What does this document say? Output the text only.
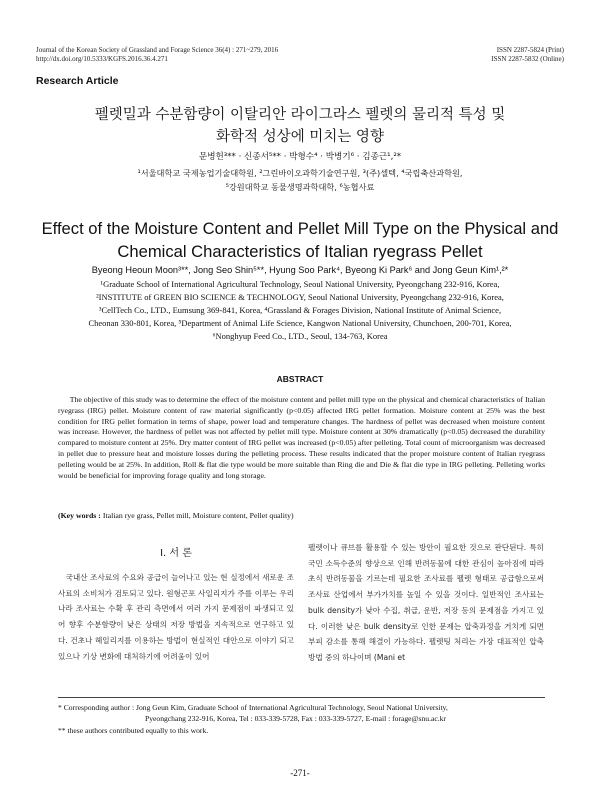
Journal of the Korean Society of Grassland and Forage Science 36(4) : 271~279, 2016
http://dx.doi.org/10.5333/KGFS.2016.36.4.271
ISSN 2287-5824 (Print)
ISSN 2287-5832 (Online)
Research Article
펠렛밀과 수분함량이 이탈리안 라이그라스 펠렛의 물리적 특성 및
화학적 성상에 미치는 영향
문병헌³** · 신종서⁵** · 박형수⁴ · 박병기⁶ · 김종근¹,²*
¹서울대학교 국제농업기술대학원, ²그린바이오과학기술연구원, ³(주)셀텍, ⁴국립축산과학원,
⁵강원대학교 동물생명과학대학, ⁶농협사료
Effect of the Moisture Content and Pellet Mill Type on the Physical and
Chemical Characteristics of Italian ryegrass Pellet
Byeong Heoun Moon³**, Jong Seo Shin⁵**, Hyung Soo Park⁴, Byeong Ki Park⁶ and Jong Geun Kim¹,²*
¹Graduate School of International Agricultural Technology, Seoul National University, Pyeongchang 232-916, Korea,
²INSTITUTE of GREEN BIO SCIENCE & TECHNOLOGY, Seoul National University, Pyeongchang 232-916, Korea,
³CellTech Co., LTD., Eumsung 369-841, Korea, ⁴Grassland & Forages Division, National Institute of Animal Science,
Cheonan 330-801, Korea, ⁵Department of Animal Life Science, Kangwon National University, Chunchoen, 200-701, Korea,
⁶Nonghyup Feed Co., LTD., Seoul, 134-763, Korea
ABSTRACT
The objective of this study was to determine the effect of the moisture content and pellet mill type on the physical and chemical characteristics of Italian ryegrass (IRG) pellet. Moisture content of raw material significantly (p<0.05) affected IRG pellet formation. Moisture content at 25% was the best condition for IRG pellet formation in terms of shape, power load and temperature changes. The hardness of pellet was decreased when moisture content was increase. However, the hardness of pellet was not affected by pellet mill type. Moisture content at 30% dramatically (p<0.05) decreased the durability compared to moisture content at 25%. Dry matter content of IRG pellet was increased (p<0.05) after pelleting. Total count of microorganism was decreased in pellet due to pressure heat and moisture losses during the pelleting process. These results indicated that the proper moisture content of Italian ryegrass pelleting would be at 25%. In addition, Roll & flat die type would be more suitable than Ring die and Die & flat die type in IRG pelleting. Pelleting works would be beneficial for improving forage quality and long storage.
(Key words : Italian rye grass, Pellet mill, Moisture content, Pellet quality)
Ⅰ. 서 론
국내산 조사료의 수요와 공급이 늘어나고 있는 현 실정에서 새로운 조사료의 소비처가 검토되고 있다. 원형곤포 사일리지가 주를 이루는 우리나라 조사료는 수확 후 관리 측면에서 여러 가지 문제점이 파생되고 있어 향후 수분함량이 낮은 상태의 저장 방법을 지속적으로 연구하고 있다. 건초나 헤일리지를 이용하는 방법이 현실적인 대안으로 이야기 되고 있으나 기상 변화에 대처하기에 어려움이 있어
펠렛이나 큐브를 활용할 수 있는 방안이 필요한 것으로 판단된다. 특히 국민 소득수준의 향상으로 인해 반려동물에 대한 관심이 높아짐에 따라 초식 반려동물을 기르는데 필요한 조사료를 펠렛 형태로 공급함으로써 조사료 산업에서 부가가치를 높일 수 있을 것이다. 일반적인 조사료는 bulk density가 낮아 수집, 취급, 운반, 저장 등의 문제점을 가지고 있다. 이러한 낮은 bulk density로 인한 문제는 압축과정을 거치게 되면 부피 감소를 통해 해결이 가능하다. 펠렛팅 처리는 가장 대표적인 압축방법 중의 하나이며 (Mani et
* Corresponding author : Jong Geun Kim, Graduate School of International Agricultural Technology, Seoul National University,
Pyeongchang 232-916, Korea, Tel : 033-339-5728, Fax : 033-339-5727, E-mail : forage@snu.ac.kr
** these authors contributed equally to this work.
-271-
